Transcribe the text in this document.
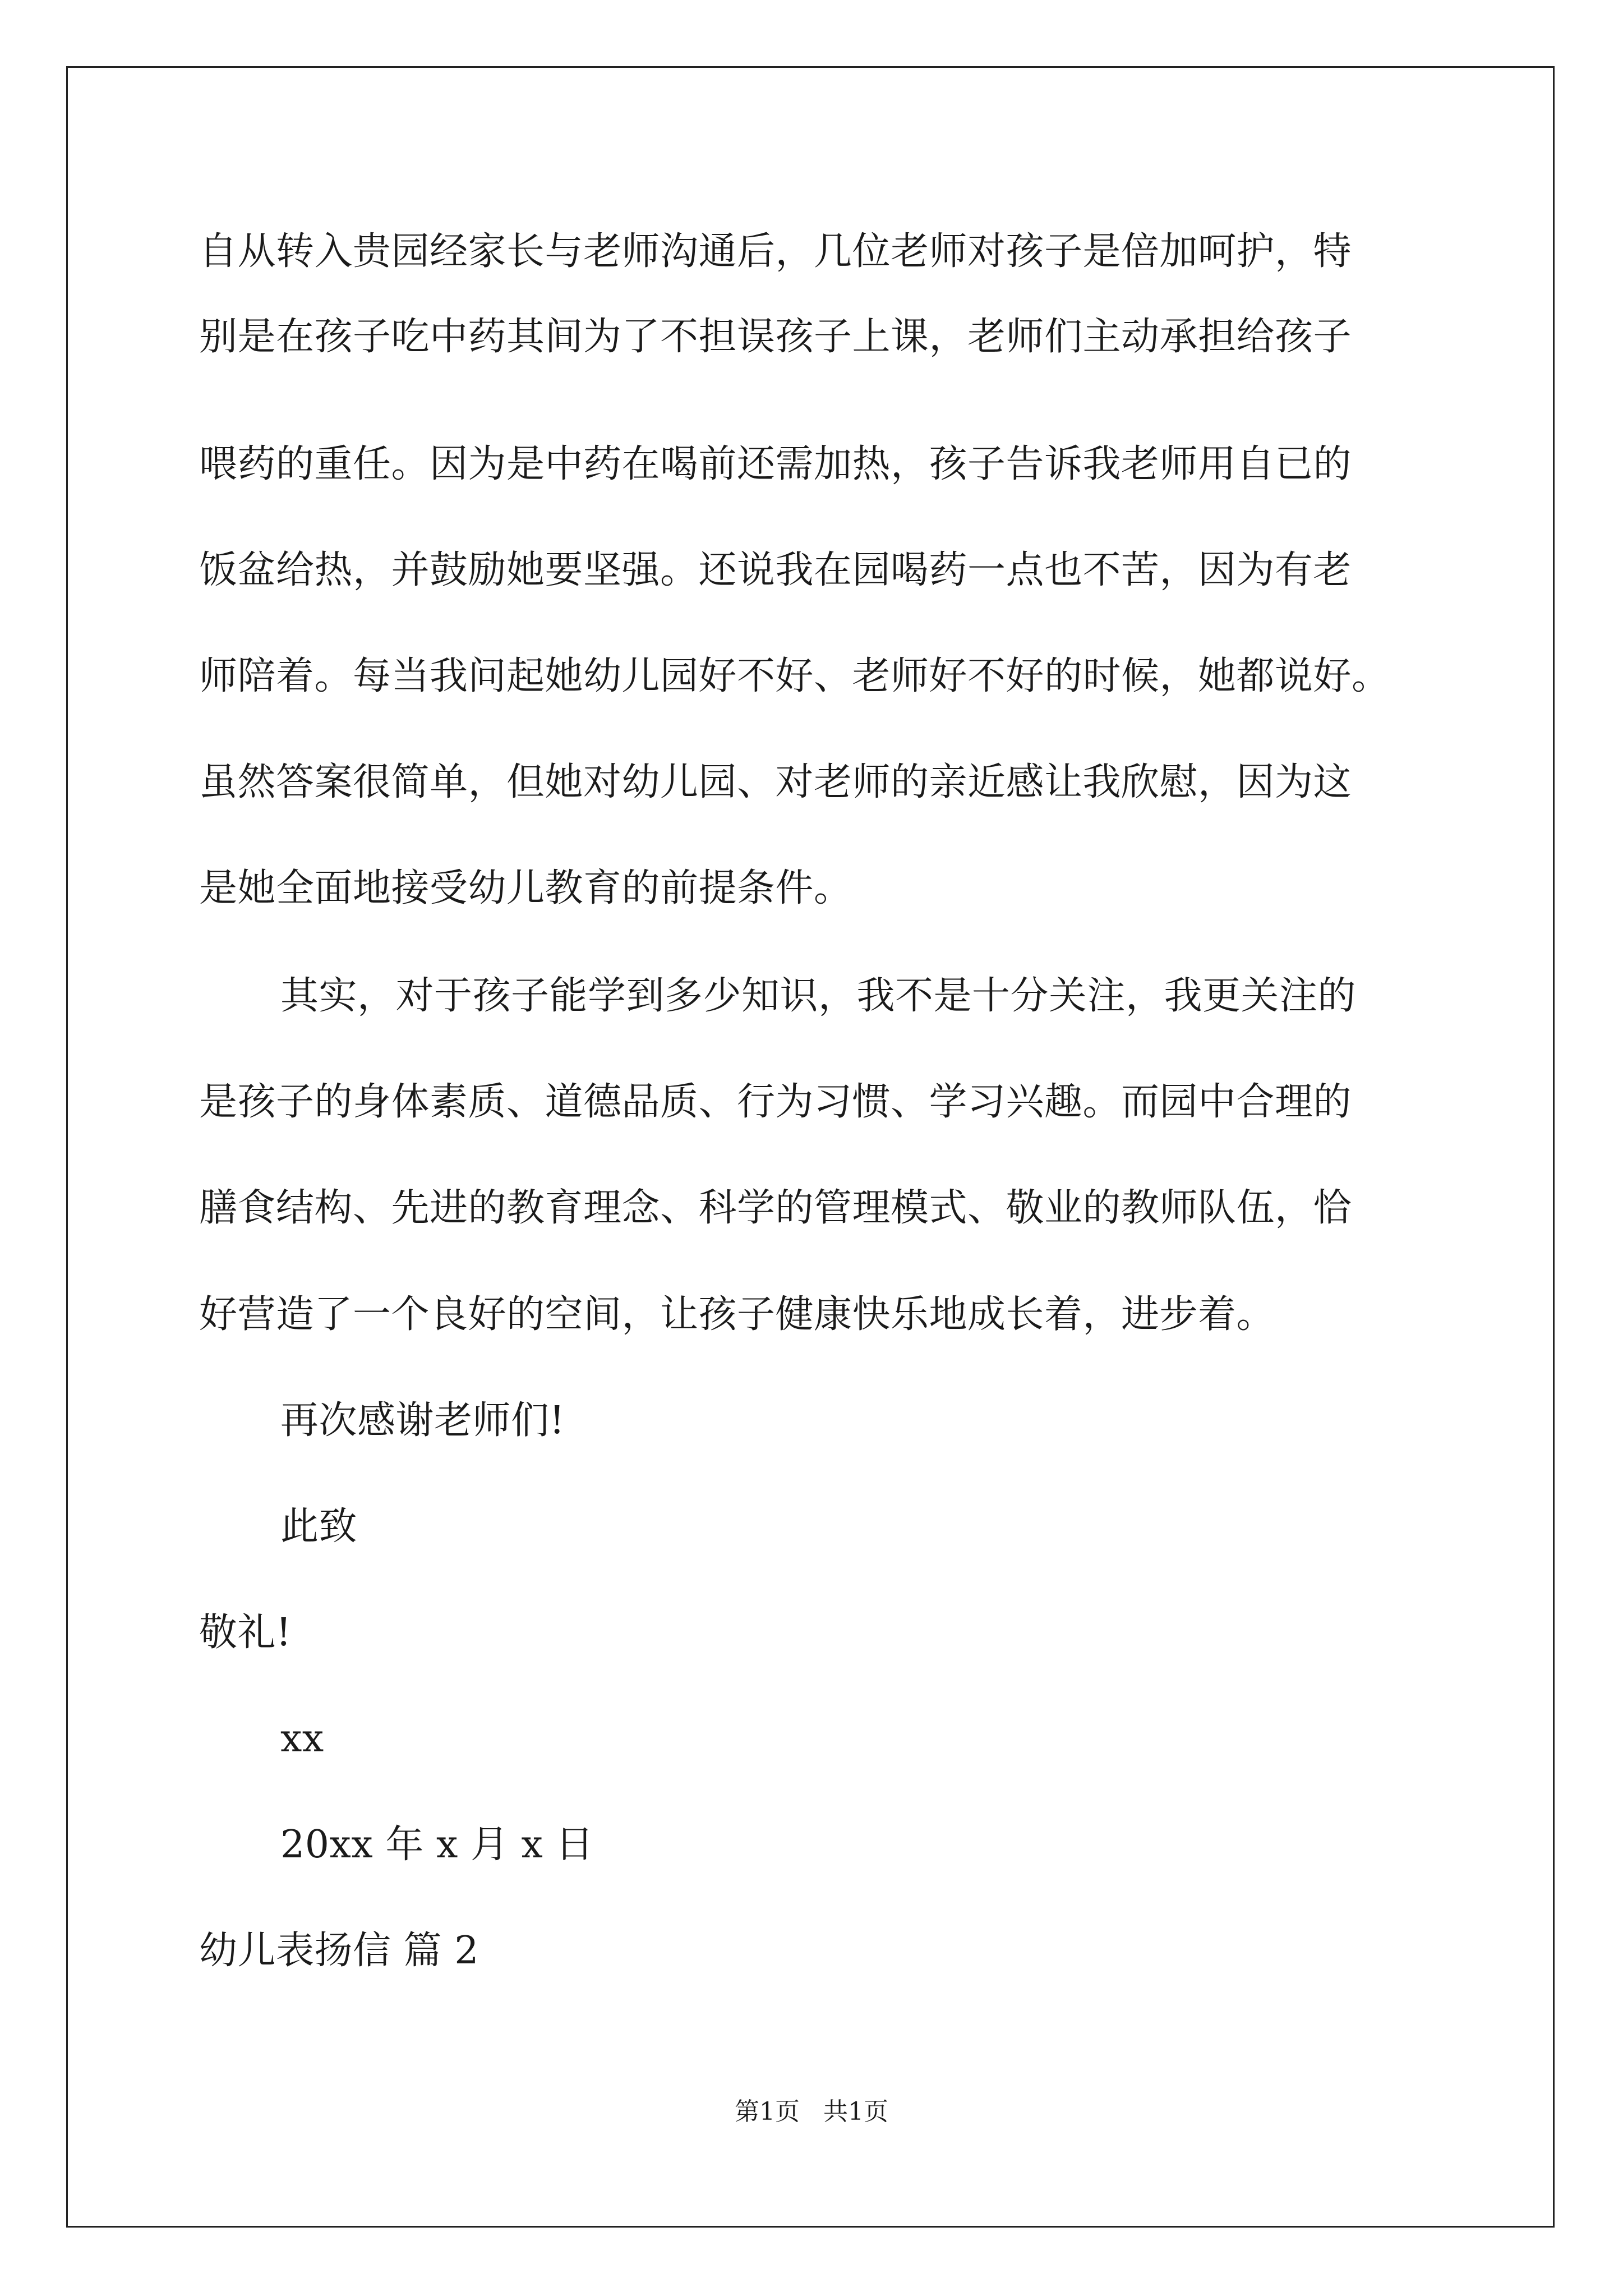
自从转入贵园经家长与老师沟通后，几位老师对孩子是倍加呵护，特
别是在孩子吃中药其间为了不担误孩子上课，老师们主动承担给孩子
喂药的重任。因为是中药在喝前还需加热，孩子告诉我老师用自已的
饭盆给热，并鼓励她要坚强。还说我在园喝药一点也不苦，因为有老
师陪着。每当我问起她幼儿园好不好、老师好不好的时候，她都说好。
虽然答案很简单，但她对幼儿园、对老师的亲近感让我欣慰，因为这
是她全面地接受幼儿教育的前提条件。
其实，对于孩子能学到多少知识，我不是十分关注，我更关注的
是孩子的身体素质、道德品质、行为习惯、学习兴趣。而园中合理的
膳食结构、先进的教育理念、科学的管理模式、敬业的教师队伍，恰
好营造了一个良好的空间，让孩子健康快乐地成长着，进步着。
再次感谢老师们!
此致
敬礼!
xx
20xx 年 x 月 x 日
幼儿表扬信 篇 2
第1页   共1页
